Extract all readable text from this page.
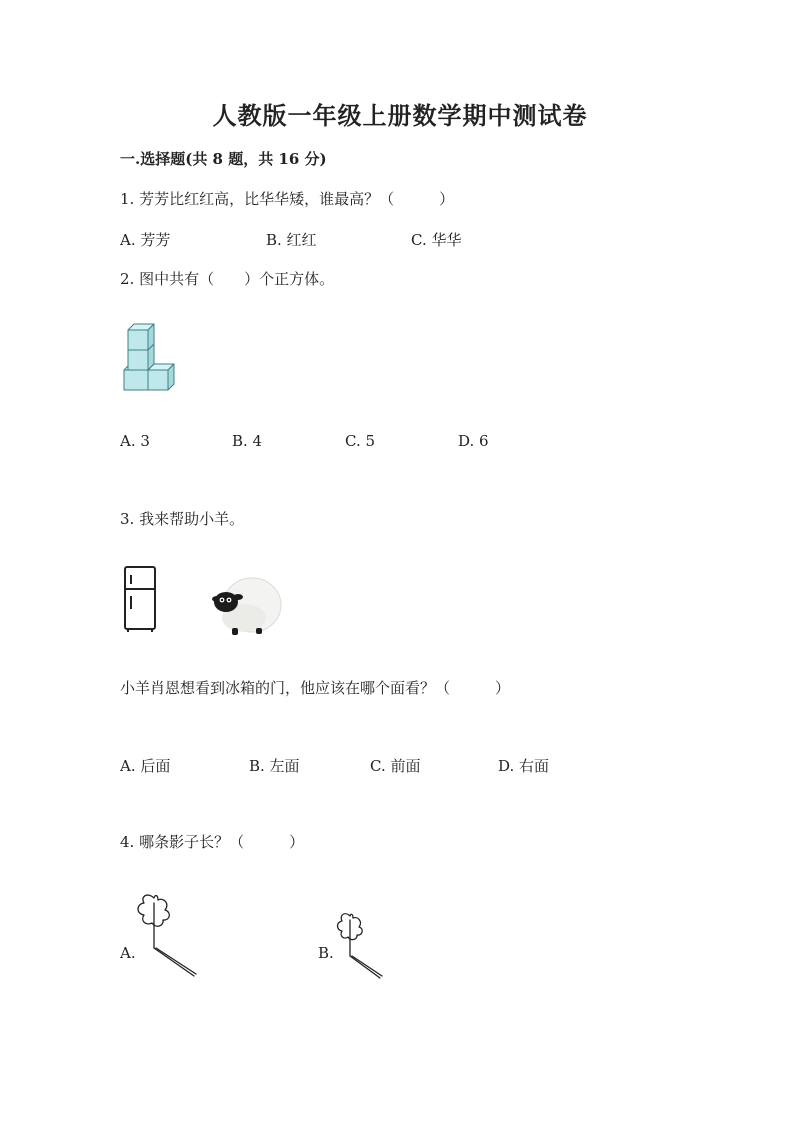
人教版一年级上册数学期中测试卷
一.选择题(共 8 题，共 16 分)
1. 芳芳比红红高，比华华矮，谁最高？（　　　）
A. 芳芳	B. 红红	C. 华华
2. 图中共有（　　）个正方体。
A. 3	B. 4	C. 5	D. 6
3. 我来帮助小羊。
小羊肖恩想看到冰箱的门，他应该在哪个面看？（　　　）
A. 后面	B. 左面	C. 前面	D. 右面
4. 哪条影子长？（　　　）
A.	B.
